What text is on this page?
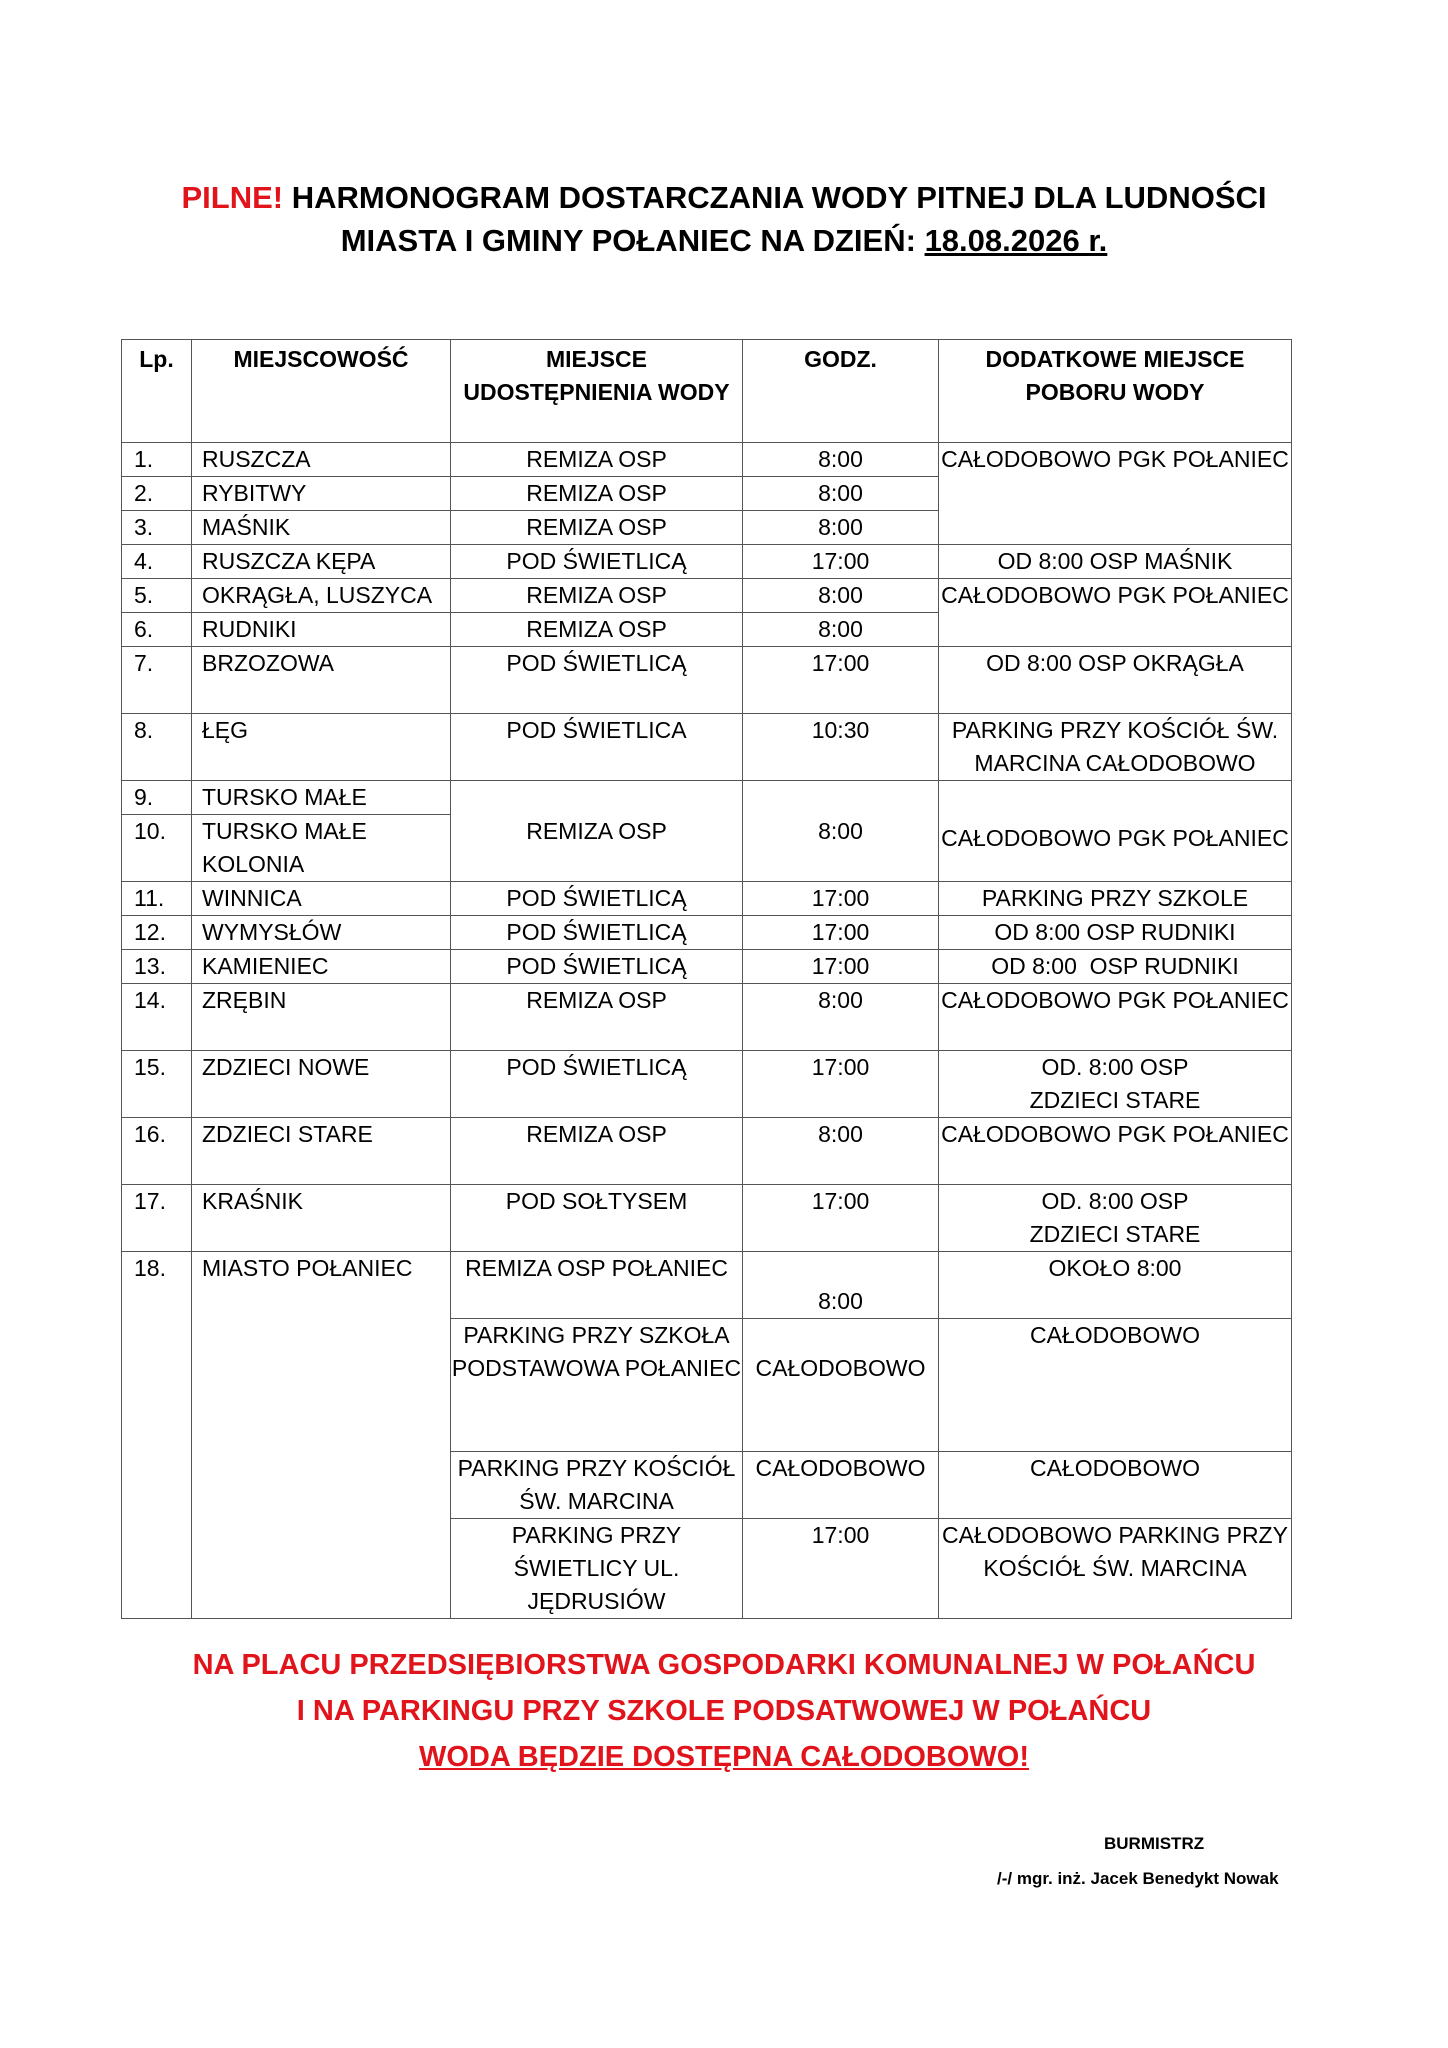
PILNE! HARMONOGRAM DOSTARCZANIA WODY PITNEJ DLA LUDNOŚCI
MIASTA I GMINY POŁANIEC NA DZIEŃ: 18.08.2026 r.
Lp.	MIEJSCOWOŚĆ	MIEJSCE UDOSTĘPNIENIA WODY	GODZ.	DODATKOWE MIEJSCE POBORU WODY
1.	RUSZCZA	REMIZA OSP	8:00	CAŁODOBOWO PGK POŁANIEC
2.	RYBITWY	REMIZA OSP	8:00	
3.	MAŚNIK	REMIZA OSP	8:00	
4.	RUSZCZA KĘPA	POD ŚWIETLICĄ	17:00	OD 8:00 OSP MAŚNIK
5.	OKRĄGŁA, LUSZYCA	REMIZA OSP	8:00	CAŁODOBOWO PGK POŁANIEC
6.	RUDNIKI	REMIZA OSP	8:00	
7.	BRZOZOWA	POD ŚWIETLICĄ	17:00	OD 8:00 OSP OKRĄGŁA
8.	ŁĘG	POD ŚWIETLICA	10:30	PARKING PRZY KOŚCIÓŁ ŚW. MARCINA CAŁODOBOWO
9.	TURSKO MAŁE	REMIZA OSP	8:00	CAŁODOBOWO PGK POŁANIEC
10.	TURSKO MAŁE KOLONIA			
11.	WINNICA	POD ŚWIETLICĄ	17:00	PARKING PRZY SZKOLE
12.	WYMYSŁÓW	POD ŚWIETLICĄ	17:00	OD 8:00 OSP RUDNIKI
13.	KAMIENIEC	POD ŚWIETLICĄ	17:00	OD 8:00  OSP RUDNIKI
14.	ZRĘBIN	REMIZA OSP	8:00	CAŁODOBOWO PGK POŁANIEC
15.	ZDZIECI NOWE	POD ŚWIETLICĄ	17:00	OD. 8:00 OSP ZDZIECI STARE
16.	ZDZIECI STARE	REMIZA OSP	8:00	CAŁODOBOWO PGK POŁANIEC
17.	KRAŚNIK	POD SOŁTYSEM	17:00	OD. 8:00 OSP ZDZIECI STARE
18.	MIASTO POŁANIEC	REMIZA OSP POŁANIEC	8:00	OKOŁO 8:00
		PARKING PRZY SZKOŁA PODSTAWOWA POŁANIEC	CAŁODOBOWO	CAŁODOBOWO
		PARKING PRZY KOŚCIÓŁ ŚW. MARCINA	CAŁODOBOWO	CAŁODOBOWO
		PARKING PRZY ŚWIETLICY UL. JĘDRUSIÓW	17:00	CAŁODOBOWO PARKING PRZY KOŚCIÓŁ ŚW. MARCINA
NA PLACU PRZEDSIĘBIORSTWA GOSPODARKI KOMUNALNEJ W POŁAŃCU
I NA PARKINGU PRZY SZKOLE PODSATWOWEJ W POŁAŃCU
WODA BĘDZIE DOSTĘPNA CAŁODOBOWO!
BURMISTRZ
/-/ mgr. inż. Jacek Benedykt Nowak
